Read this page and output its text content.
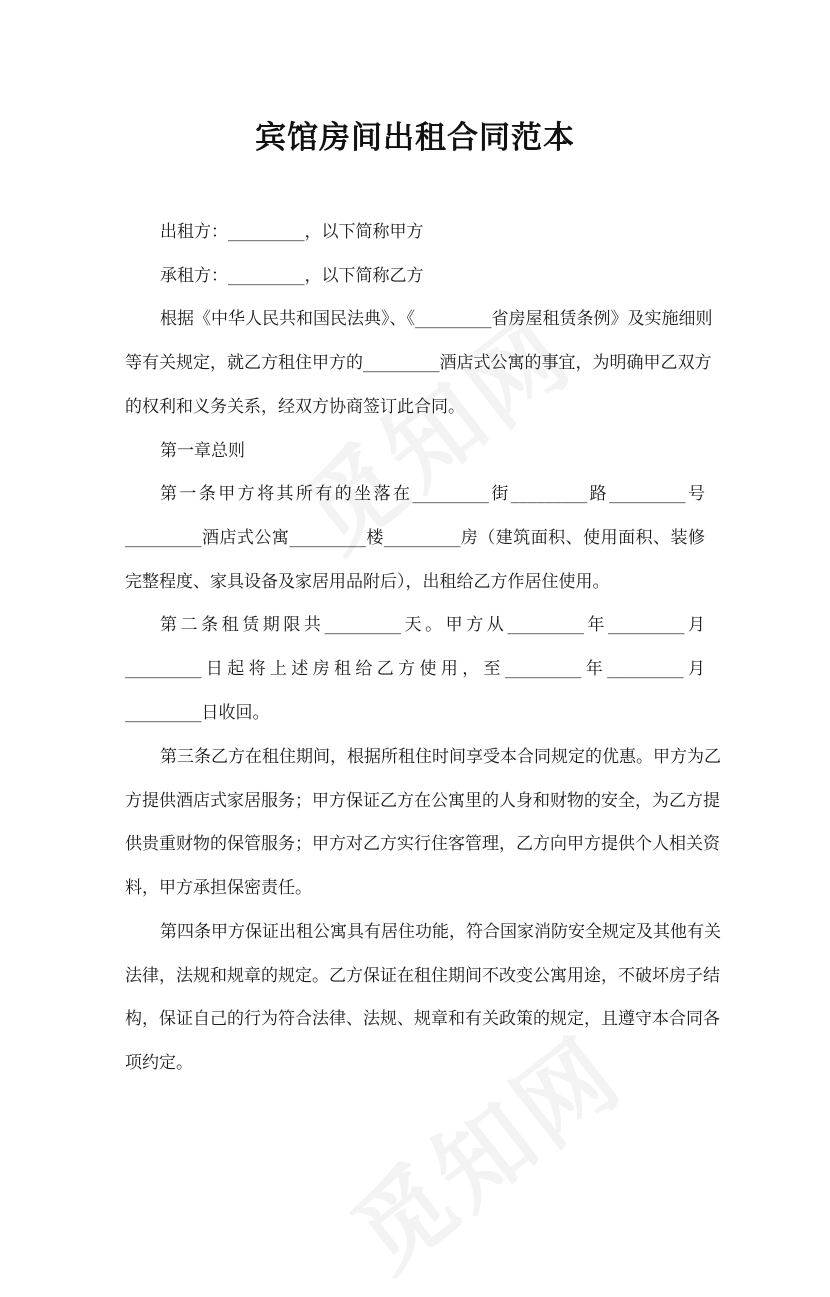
宾馆房间出租合同范本
出租方：_________，以下简称甲方
承租方：_________，以下简称乙方
根据《中华人民共和国民法典》、《_________省房屋租赁条例》及实施细则
等有关规定，就乙方租住甲方的_________酒店式公寓的事宜，为明确甲乙双方
的权利和义务关系，经双方协商签订此合同。
第一章总则
第一条甲方将其所有的坐落在_________街_________路_________号
_________酒店式公寓_________楼_________房（建筑面积、使用面积、装修
完整程度、家具设备及家居用品附后），出租给乙方作居住使用。
第二条租赁期限共_________天。甲方从_________年_________月
_________日起将上述房租给乙方使用，至_________年_________月
_________日收回。
第三条乙方在租住期间，根据所租住时间享受本合同规定的优惠。甲方为乙
方提供酒店式家居服务；甲方保证乙方在公寓里的人身和财物的安全，为乙方提
供贵重财物的保管服务；甲方对乙方实行住客管理，乙方向甲方提供个人相关资
料，甲方承担保密责任。
第四条甲方保证出租公寓具有居住功能，符合国家消防安全规定及其他有关
法律，法规和规章的规定。乙方保证在租住期间不改变公寓用途，不破坏房子结
构，保证自己的行为符合法律、法规、规章和有关政策的规定，且遵守本合同各
项约定。
